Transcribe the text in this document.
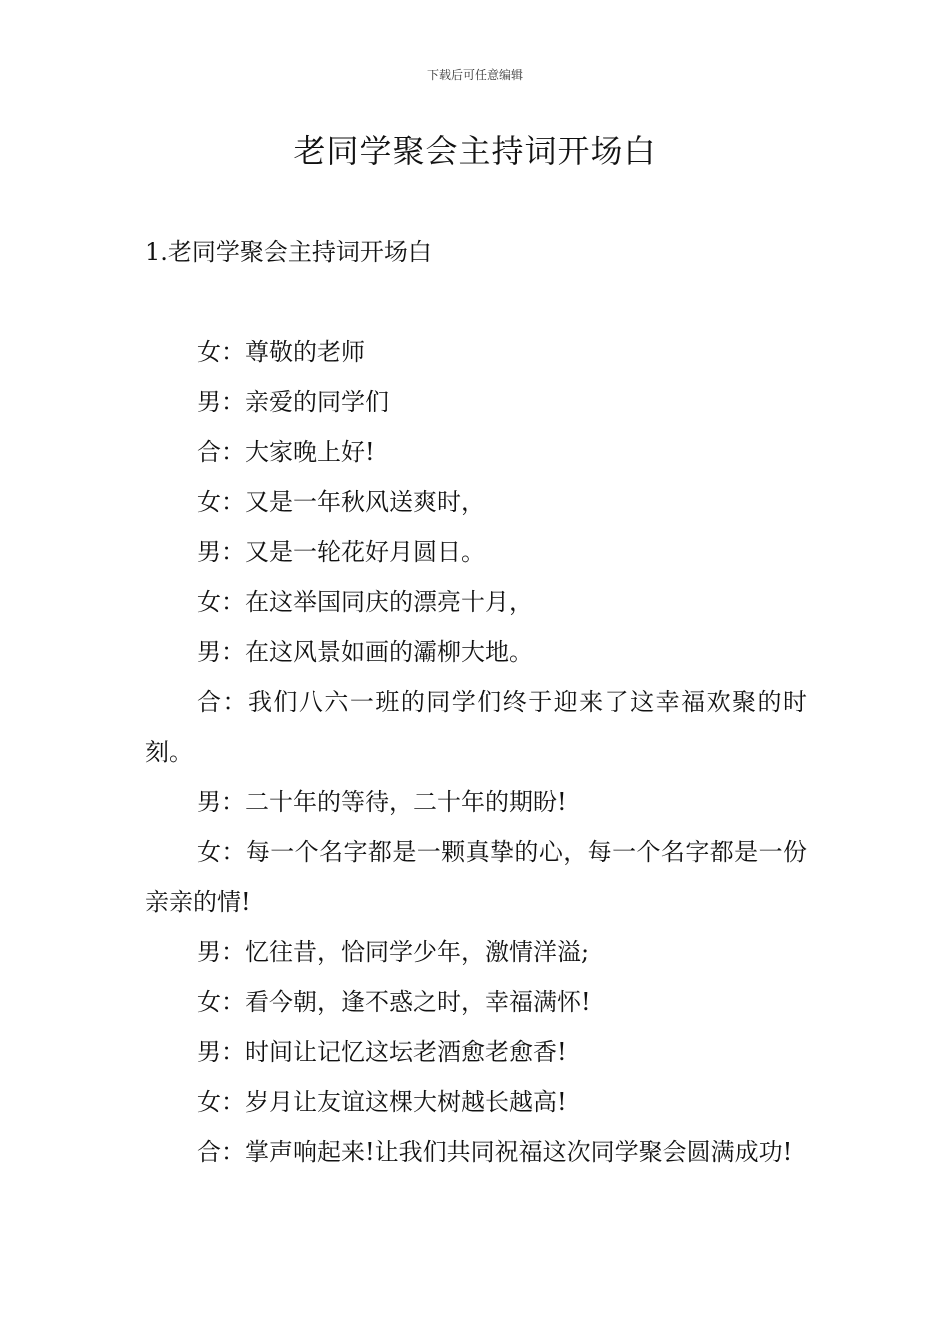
下载后可任意编辑
老同学聚会主持词开场白
1.老同学聚会主持词开场白

女：尊敬的老师

男：亲爱的同学们

合：大家晚上好!

女：又是一年秋风送爽时，

男：又是一轮花好月圆日。

女：在这举国同庆的漂亮十月，

男：在这风景如画的灞柳大地。

合：我们八六一班的同学们终于迎来了这幸福欢聚的时刻。

男：二十年的等待，二十年的期盼!

女：每一个名字都是一颗真挚的心，每一个名字都是一份亲亲的情!

男：忆往昔，恰同学少年，激情洋溢;

女：看今朝，逢不惑之时，幸福满怀!

男：时间让记忆这坛老酒愈老愈香!

女：岁月让友谊这棵大树越长越高!

合：掌声响起来!让我们共同祝福这次同学聚会圆满成功!
